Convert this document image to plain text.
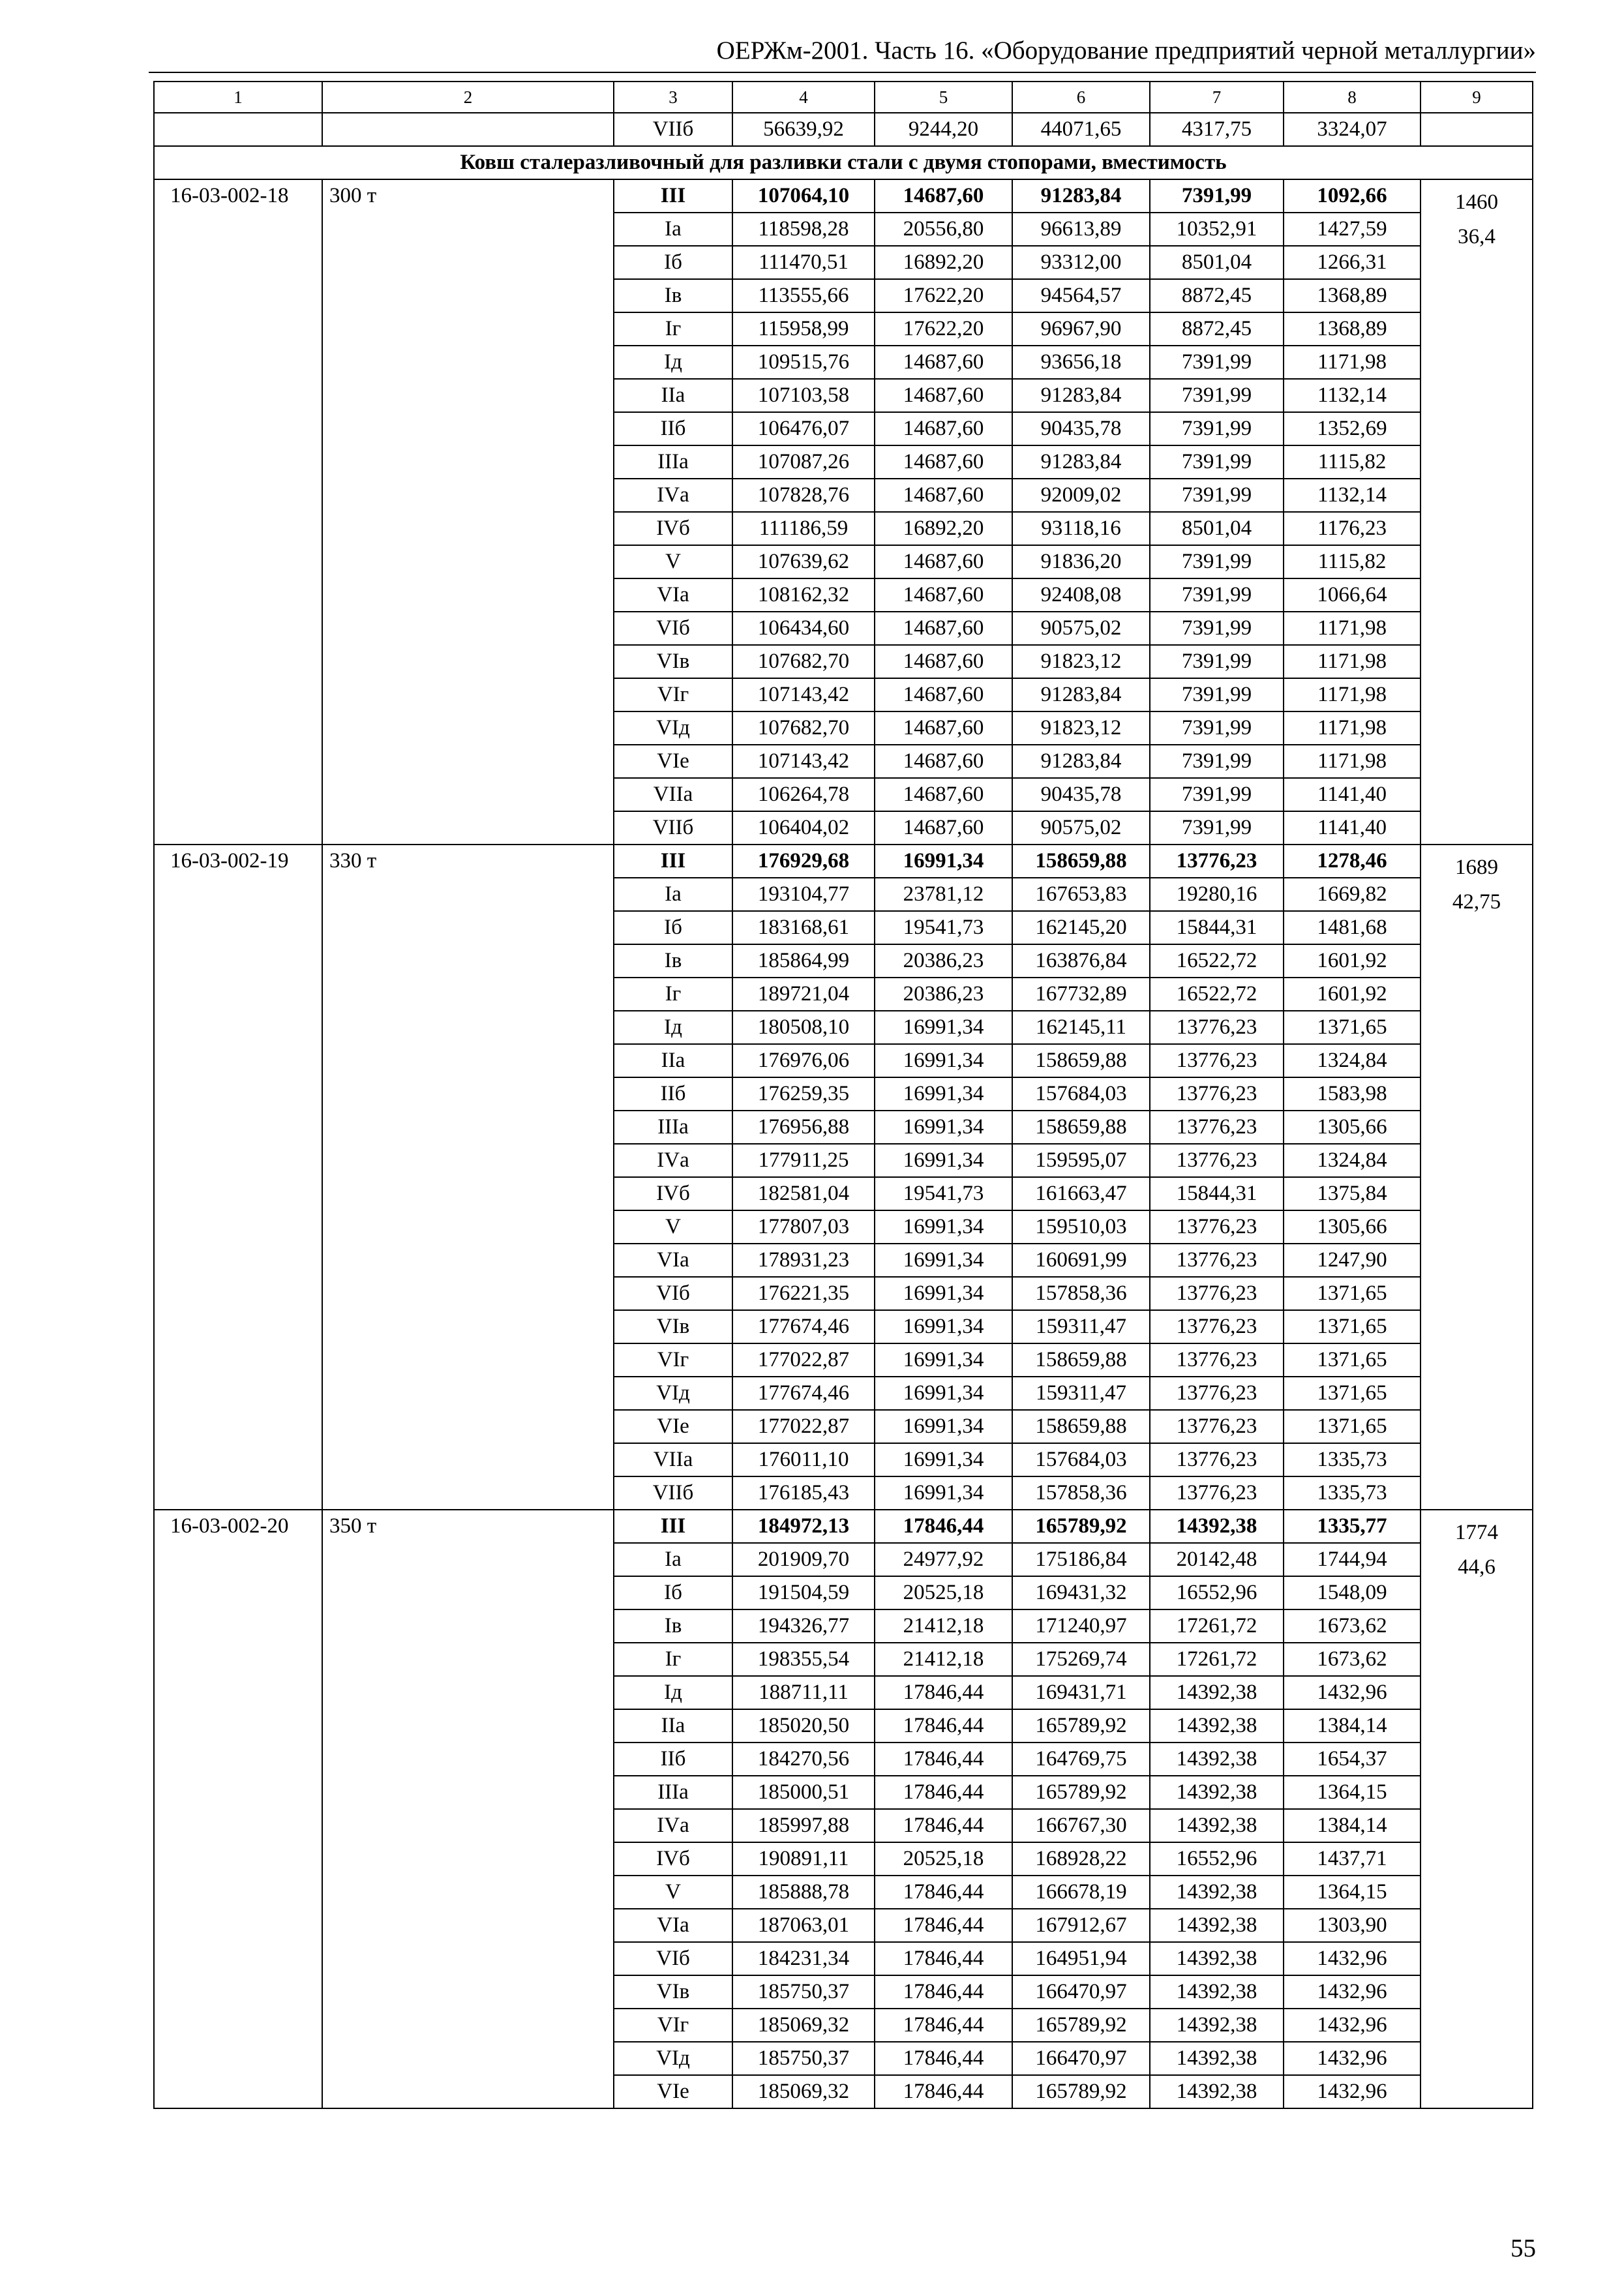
ОЕРЖм-2001. Часть 16. «Оборудование предприятий черной металлургии»
1	2	3	4	5	6	7	8	9
		VIIб	56639,92	9244,20	44071,65	4317,75	3324,07	
Ковш сталеразливочный для разливки стали с двумя стопорами, вместимость								
16-03-002-18	300 т	III	107064,10	14687,60	91283,84	7391,99	1092,66	1460
36,4

		Iа	118598,28	20556,80	96613,89	10352,91	1427,59	
		Iб	111470,51	16892,20	93312,00	8501,04	1266,31	
		Iв	113555,66	17622,20	94564,57	8872,45	1368,89	
		Iг	115958,99	17622,20	96967,90	8872,45	1368,89	
		Iд	109515,76	14687,60	93656,18	7391,99	1171,98	
		IIа	107103,58	14687,60	91283,84	7391,99	1132,14	
		IIб	106476,07	14687,60	90435,78	7391,99	1352,69	
		IIIа	107087,26	14687,60	91283,84	7391,99	1115,82	
		IVа	107828,76	14687,60	92009,02	7391,99	1132,14	
		IVб	111186,59	16892,20	93118,16	8501,04	1176,23	
		V	107639,62	14687,60	91836,20	7391,99	1115,82	
		VIа	108162,32	14687,60	92408,08	7391,99	1066,64	
		VIб	106434,60	14687,60	90575,02	7391,99	1171,98	
		VIв	107682,70	14687,60	91823,12	7391,99	1171,98	
		VIг	107143,42	14687,60	91283,84	7391,99	1171,98	
		VIд	107682,70	14687,60	91823,12	7391,99	1171,98	
		VIе	107143,42	14687,60	91283,84	7391,99	1171,98	
		VIIа	106264,78	14687,60	90435,78	7391,99	1141,40	
		VIIб	106404,02	14687,60	90575,02	7391,99	1141,40	
16-03-002-19	330 т	III	176929,68	16991,34	158659,88	13776,23	1278,46	1689
42,75

		Iа	193104,77	23781,12	167653,83	19280,16	1669,82	
		Iб	183168,61	19541,73	162145,20	15844,31	1481,68	
		Iв	185864,99	20386,23	163876,84	16522,72	1601,92	
		Iг	189721,04	20386,23	167732,89	16522,72	1601,92	
		Iд	180508,10	16991,34	162145,11	13776,23	1371,65	
		IIа	176976,06	16991,34	158659,88	13776,23	1324,84	
		IIб	176259,35	16991,34	157684,03	13776,23	1583,98	
		IIIа	176956,88	16991,34	158659,88	13776,23	1305,66	
		IVа	177911,25	16991,34	159595,07	13776,23	1324,84	
		IVб	182581,04	19541,73	161663,47	15844,31	1375,84	
		V	177807,03	16991,34	159510,03	13776,23	1305,66	
		VIа	178931,23	16991,34	160691,99	13776,23	1247,90	
		VIб	176221,35	16991,34	157858,36	13776,23	1371,65	
		VIв	177674,46	16991,34	159311,47	13776,23	1371,65	
		VIг	177022,87	16991,34	158659,88	13776,23	1371,65	
		VIд	177674,46	16991,34	159311,47	13776,23	1371,65	
		VIе	177022,87	16991,34	158659,88	13776,23	1371,65	
		VIIа	176011,10	16991,34	157684,03	13776,23	1335,73	
		VIIб	176185,43	16991,34	157858,36	13776,23	1335,73	
16-03-002-20	350 т	III	184972,13	17846,44	165789,92	14392,38	1335,77	1774
44,6

		Iа	201909,70	24977,92	175186,84	20142,48	1744,94	
		Iб	191504,59	20525,18	169431,32	16552,96	1548,09	
		Iв	194326,77	21412,18	171240,97	17261,72	1673,62	
		Iг	198355,54	21412,18	175269,74	17261,72	1673,62	
		Iд	188711,11	17846,44	169431,71	14392,38	1432,96	
		IIа	185020,50	17846,44	165789,92	14392,38	1384,14	
		IIб	184270,56	17846,44	164769,75	14392,38	1654,37	
		IIIа	185000,51	17846,44	165789,92	14392,38	1364,15	
		IVа	185997,88	17846,44	166767,30	14392,38	1384,14	
		IVб	190891,11	20525,18	168928,22	16552,96	1437,71	
		V	185888,78	17846,44	166678,19	14392,38	1364,15	
		VIа	187063,01	17846,44	167912,67	14392,38	1303,90	
		VIб	184231,34	17846,44	164951,94	14392,38	1432,96	
		VIв	185750,37	17846,44	166470,97	14392,38	1432,96	
		VIг	185069,32	17846,44	165789,92	14392,38	1432,96	
		VIд	185750,37	17846,44	166470,97	14392,38	1432,96	
		VIе	185069,32	17846,44	165789,92	14392,38	1432,96	
55
